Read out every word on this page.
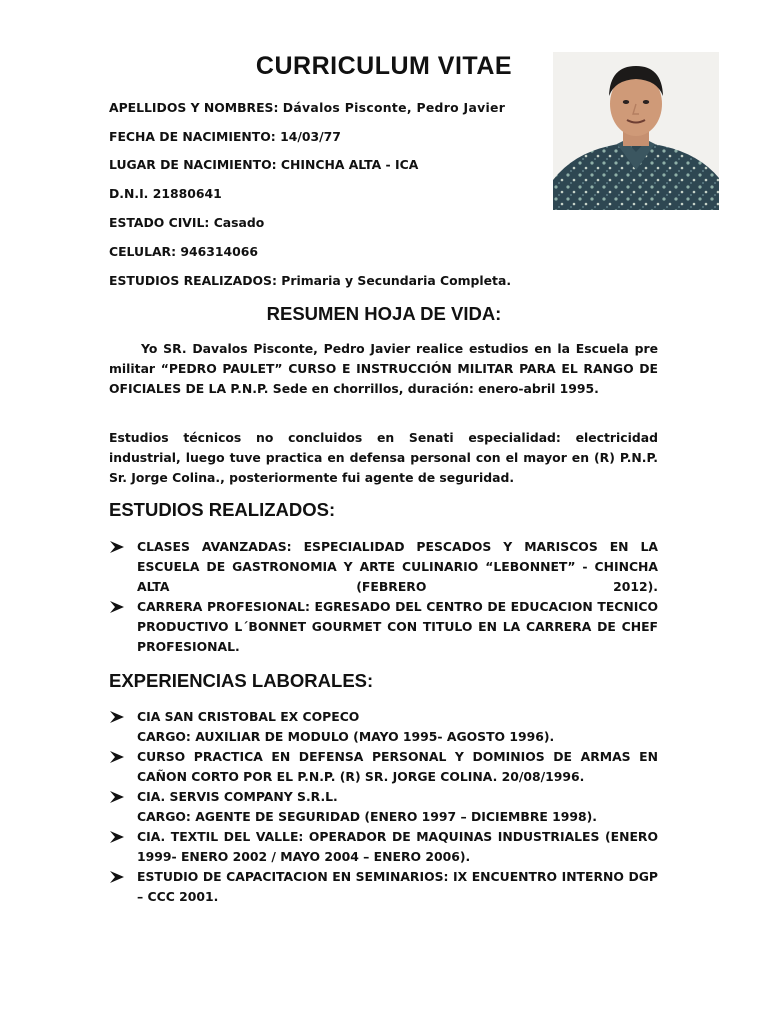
CURRICULUM VITAE
APELLIDOS Y NOMBRES: Dávalos Pisconte, Pedro Javier
FECHA DE NACIMIENTO: 14/03/77
LUGAR DE NACIMIENTO: CHINCHA ALTA - ICA
D.N.I. 21880641
ESTADO CIVIL: Casado
CELULAR: 946314066
ESTUDIOS REALIZADOS: Primaria y Secundaria Completa.
RESUMEN HOJA DE VIDA:

Yo SR. Davalos Pisconte, Pedro Javier realice estudios en la Escuela pre militar “PEDRO PAULET” CURSO E INSTRUCCIÓN MILITAR PARA EL RANGO DE OFICIALES DE LA P.N.P. Sede en chorrillos, duración: enero-abril 1995.

Estudios técnicos no concluidos en Senati especialidad: electricidad industrial, luego tuve practica en defensa personal con el mayor en (R) P.N.P. Sr. Jorge Colina., posteriormente fui agente de seguridad.

ESTUDIOS REALIZADOS:
CLASES AVANZADAS: ESPECIALIDAD PESCADOS Y MARISCOS EN LA ESCUELA DE GASTRONOMIA Y ARTE CULINARIO “LEBONNET” - CHINCHA ALTA (FEBRERO 2012).
CARRERA PROFESIONAL: EGRESADO DEL CENTRO DE EDUCACION TECNICO PRODUCTIVO L´BONNET GOURMET CON TITULO EN LA CARRERA DE CHEF PROFESIONAL.
EXPERIENCIAS LABORALES:
CIA SAN CRISTOBAL EX COPECO
CARGO: AUXILIAR DE MODULO (MAYO 1995- AGOSTO 1996).
CURSO PRACTICA EN DEFENSA PERSONAL Y DOMINIOS DE ARMAS EN CAÑON CORTO POR EL P.N.P. (R) SR. JORGE COLINA. 20/08/1996.
CIA. SERVIS COMPANY S.R.L.
CARGO: AGENTE DE SEGURIDAD (ENERO 1997 – DICIEMBRE 1998).
CIA. TEXTIL DEL VALLE: OPERADOR DE MAQUINAS INDUSTRIALES (ENERO 1999- ENERO 2002 / MAYO 2004 – ENERO 2006).
ESTUDIO DE CAPACITACION EN SEMINARIOS: IX ENCUENTRO INTERNO DGP – CCC 2001.
